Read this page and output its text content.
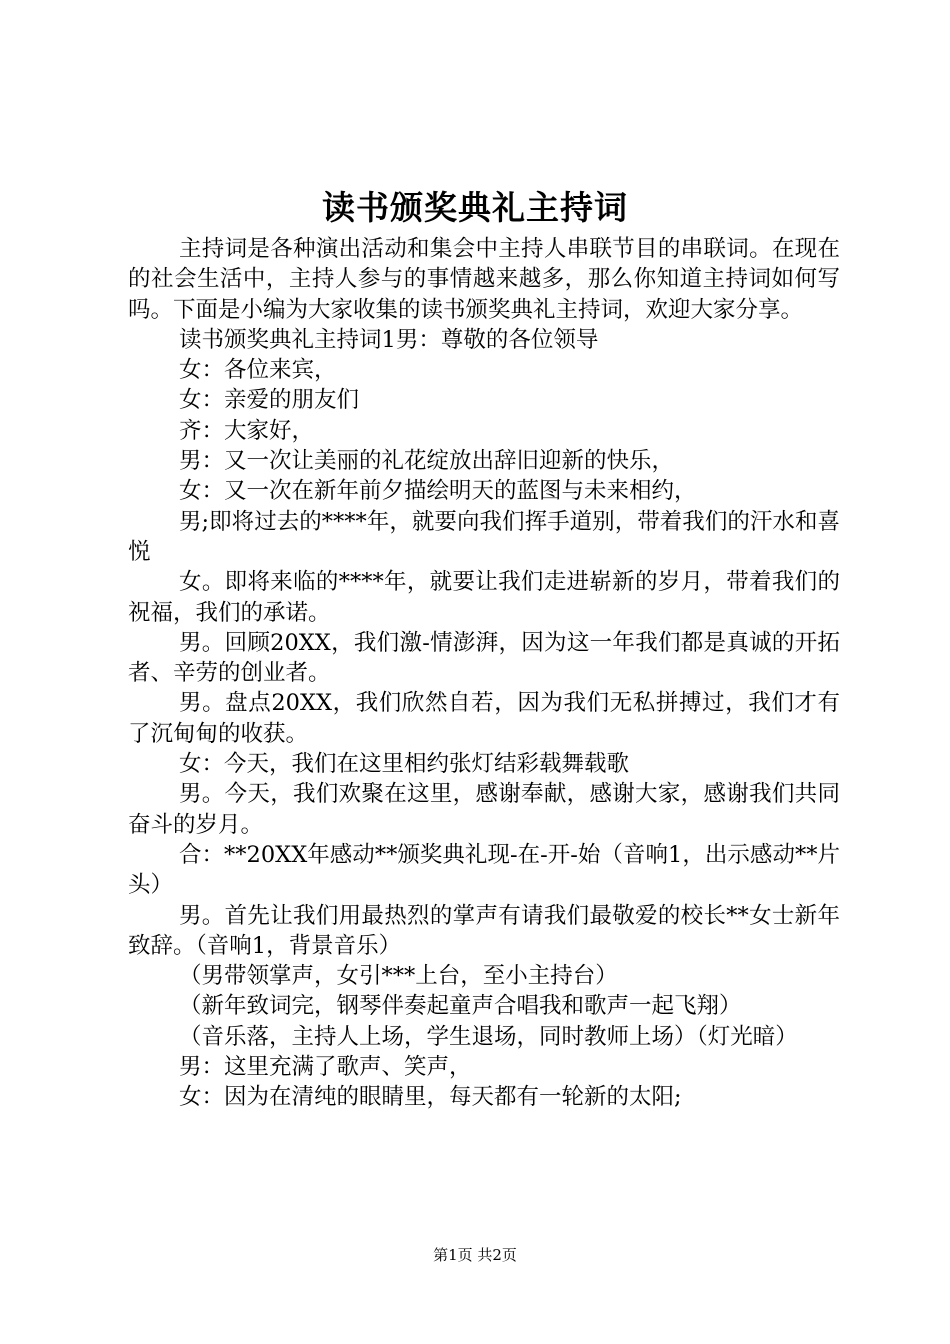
读书颁奖典礼主持词

主持词是各种演出活动和集会中主持人串联节目的串联词。在现在的社会生活中，主持人参与的事情越来越多，那么你知道主持词如何写吗。下面是小编为大家收集的读书颁奖典礼主持词，欢迎大家分享。

读书颁奖典礼主持词1男：尊敬的各位领导

女：各位来宾，

女：亲爱的朋友们

齐：大家好，

男：又一次让美丽的礼花绽放出辞旧迎新的快乐，

女：又一次在新年前夕描绘明天的蓝图与未来相约，

男;即将过去的****年，就要向我们挥手道别，带着我们的汗水和喜悦

女。即将来临的****年，就要让我们走进崭新的岁月，带着我们的祝福，我们的承诺。

男。回顾20XX，我们激-情澎湃，因为这一年我们都是真诚的开拓者、辛劳的创业者。

男。盘点20XX，我们欣然自若，因为我们无私拼搏过，我们才有了沉甸甸的收获。

女：今天，我们在这里相约张灯结彩载舞载歌

男。今天，我们欢聚在这里，感谢奉献，感谢大家，感谢我们共同奋斗的岁月。

合：**20XX年感动**颁奖典礼现-在-开-始（音响1，出示感动**片头）

男。首先让我们用最热烈的掌声有请我们最敬爱的校长**女士新年致辞。（音响1，背景音乐）

（男带领掌声，女引***上台，至小主持台）

（新年致词完，钢琴伴奏起童声合唱我和歌声一起飞翔）

（音乐落，主持人上场，学生退场，同时教师上场）（灯光暗）

男：这里充满了歌声、笑声，

女：因为在清纯的眼睛里，每天都有一轮新的太阳;

第1页 共2页
